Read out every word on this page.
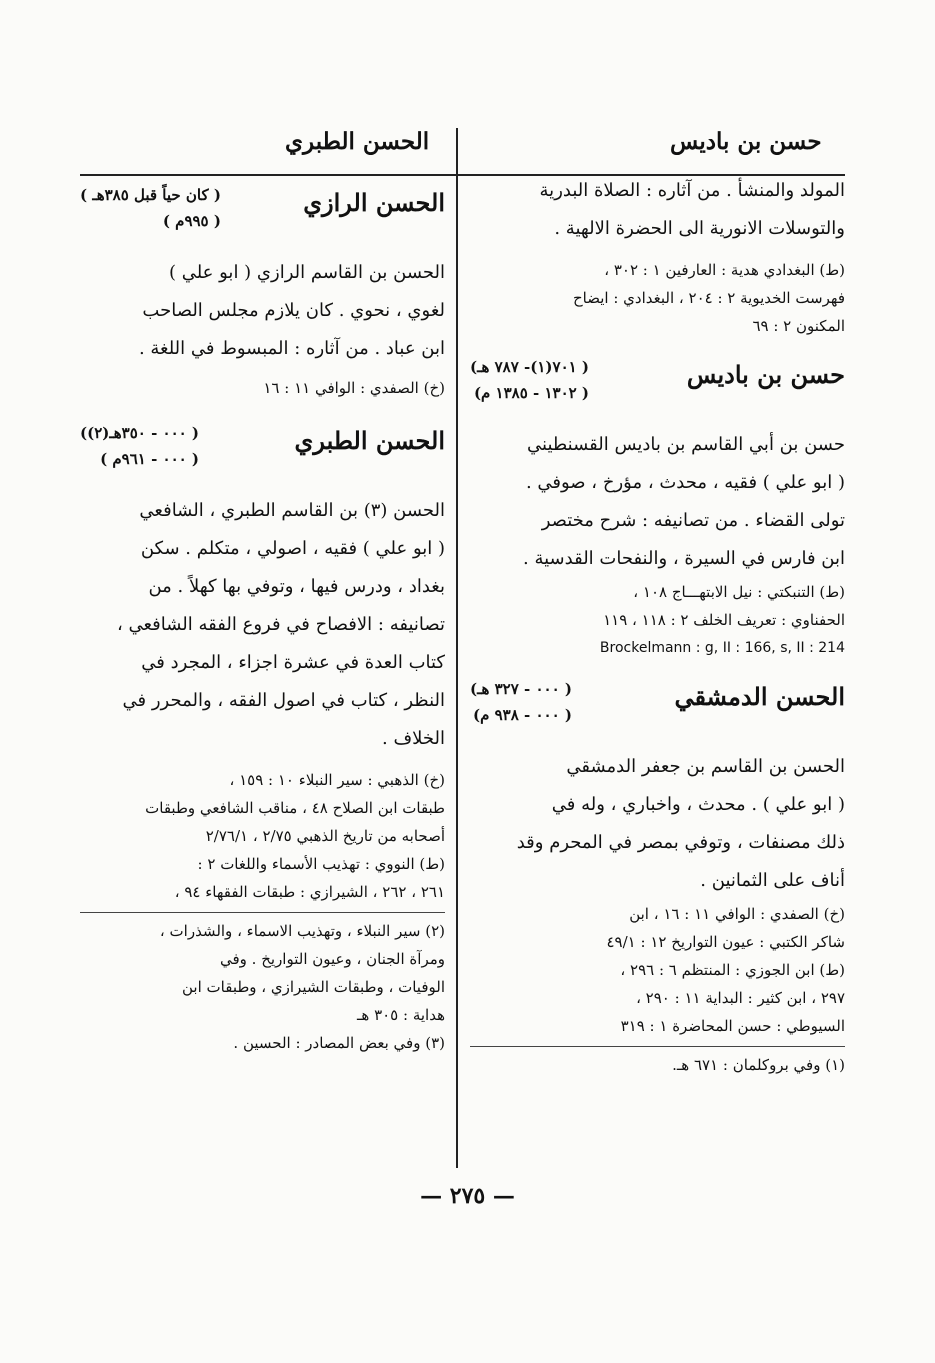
حسن بن باديس
الحسن الطبري

المولد والمنشأ . من آثاره : الصلاة البدرية

والتوسلات الانورية الى الحضرة الالهية .

(ط) البغدادي هدية : العارفين ١ : ٣٠٢ ،

فهرست الخديوية ٢ : ٢٠٤ ، البغدادي : ايضاح

المكنون ٢ : ٦٩

حسن بن باديس
( ٧٠١(١)- ٧٨٧ هـ)
( ١٣٠٢ - ١٣٨٥ م)

حسن بن أبي القاسم بن باديس القسنطيني

( ابو علي ) فقيه ، محدث ، مؤرخ ، صوفي .

تولى القضاء . من تصانيفه : شرح مختصر

ابن فارس في السيرة ، والنفحات القدسية .

(ط) التنبكتي : نيل الابتهـــاج ١٠٨ ،

الحفناوي : تعريف الخلف ٢ : ١١٨ ، ١١٩

Brockelmann : g, II : 166, s, II : 214

الحسن الدمشقي
( ٠٠٠ - ٣٢٧ هـ)
( ٠٠٠ - ٩٣٨ م)

الحسن بن القاسم بن جعفر الدمشقي

( ابو علي ) . محدث ، واخباري ، وله في

ذلك مصنفات ، وتوفي بمصر في المحرم وقد

أناف على الثمانين .

(خ) الصفدي : الوافي ١١ : ١٦ ، ابن

شاكر الكتبي : عيون التواريخ ١٢ : ٤٩/١

(ط) ابن الجوزي : المنتظم ٦ : ٢٩٦ ،

٢٩٧ ، ابن كثير : البداية ١١ : ٢٩٠ ،

السيوطي : حسن المحاضرة ١ : ٣١٩

(١) وفي بروكلمان : ٦٧١ هـ.

الحسن الرازي
( كان حياً قبل ٣٨٥هـ )
( ٩٩٥م )

الحسن بن القاسم الرازي ( ابو علي )

لغوي ، نحوي . كان يلازم مجلس الصاحب

ابن عباد . من آثاره : المبسوط في اللغة .

(خ) الصفدي : الوافي ١١ : ١٦

الحسن الطبري
( ٠٠٠ - ٣٥٠هـ(٢))
( ٠٠٠ - ٩٦١م )

الحسن (٣) بن القاسم الطبري ، الشافعي

( ابو علي ) فقيه ، اصولي ، متكلم . سكن

بغداد ، ودرس فيها ، وتوفي بها كهلاً . من

تصانيفه : الافصاح في فروع الفقه الشافعي ،

كتاب العدة في عشرة اجزاء ، المجرد في

النظر ، كتاب في اصول الفقه ، والمحرر في

الخلاف .

(خ) الذهبي : سير النبلاء ١٠ : ١٥٩ ،

طبقات ابن الصلاح ٤٨ ، مناقب الشافعي وطبقات

أصحابه من تاريخ الذهبي ٢/٧٥ ، ٢/٧٦/١

(ط) النووي : تهذيب الأسماء واللغات ٢ :

٢٦١ ، ٢٦٢ ، الشيرازي : طبقات الفقهاء ٩٤ ،

(٢) سير النبلاء ، وتهذيب الاسماء ، والشذرات ،

ومرآة الجنان ، وعيون التواريخ . وفي

الوفيات ، وطبقات الشيرازي ، وطبقات ابن

هداية : ٣٠٥ هـ

(٣) وفي بعض المصادر : الحسين .

— ٢٧٥ —
